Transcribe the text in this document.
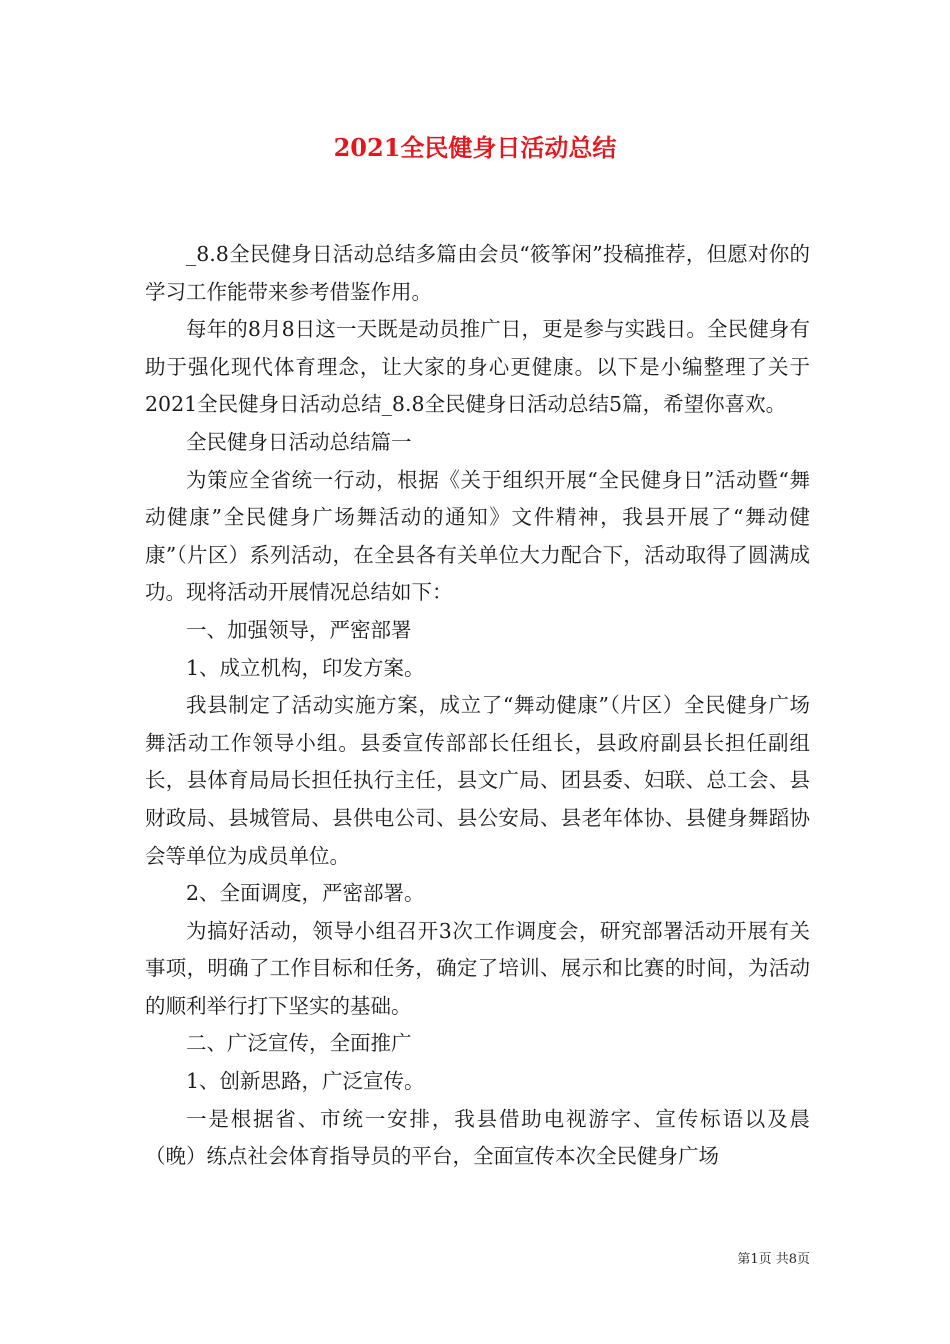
2021全民健身日活动总结

_8.8全民健身日活动总结多篇由会员“筱筝闲”投稿推荐，但愿对你的学习工作能带来参考借鉴作用。

每年的8月8日这一天既是动员推广日，更是参与实践日。全民健身有助于强化现代体育理念，让大家的身心更健康。以下是小编整理了关于2021全民健身日活动总结_8.8全民健身日活动总结5篇，希望你喜欢。

全民健身日活动总结篇一

为策应全省统一行动，根据《关于组织开展“全民健身日”活动暨“舞动健康”全民健身广场舞活动的通知》文件精神，我县开展了“舞动健康”（片区）系列活动，在全县各有关单位大力配合下，活动取得了圆满成功。现将活动开展情况总结如下：

一、加强领导，严密部署

1、成立机构，印发方案。

我县制定了活动实施方案，成立了“舞动健康”（片区）全民健身广场舞活动工作领导小组。县委宣传部部长任组长，县政府副县长担任副组长，县体育局局长担任执行主任，县文广局、团县委、妇联、总工会、县财政局、县城管局、县供电公司、县公安局、县老年体协、县健身舞蹈协会等单位为成员单位。

2、全面调度，严密部署。

为搞好活动，领导小组召开3次工作调度会，研究部署活动开展有关事项，明确了工作目标和任务，确定了培训、展示和比赛的时间，为活动的顺利举行打下坚实的基础。

二、广泛宣传，全面推广

1、创新思路，广泛宣传。

一是根据省、市统一安排，我县借助电视游字、宣传标语以及晨（晚）练点社会体育指导员的平台，全面宣传本次全民健身广场

第1页 共8页
